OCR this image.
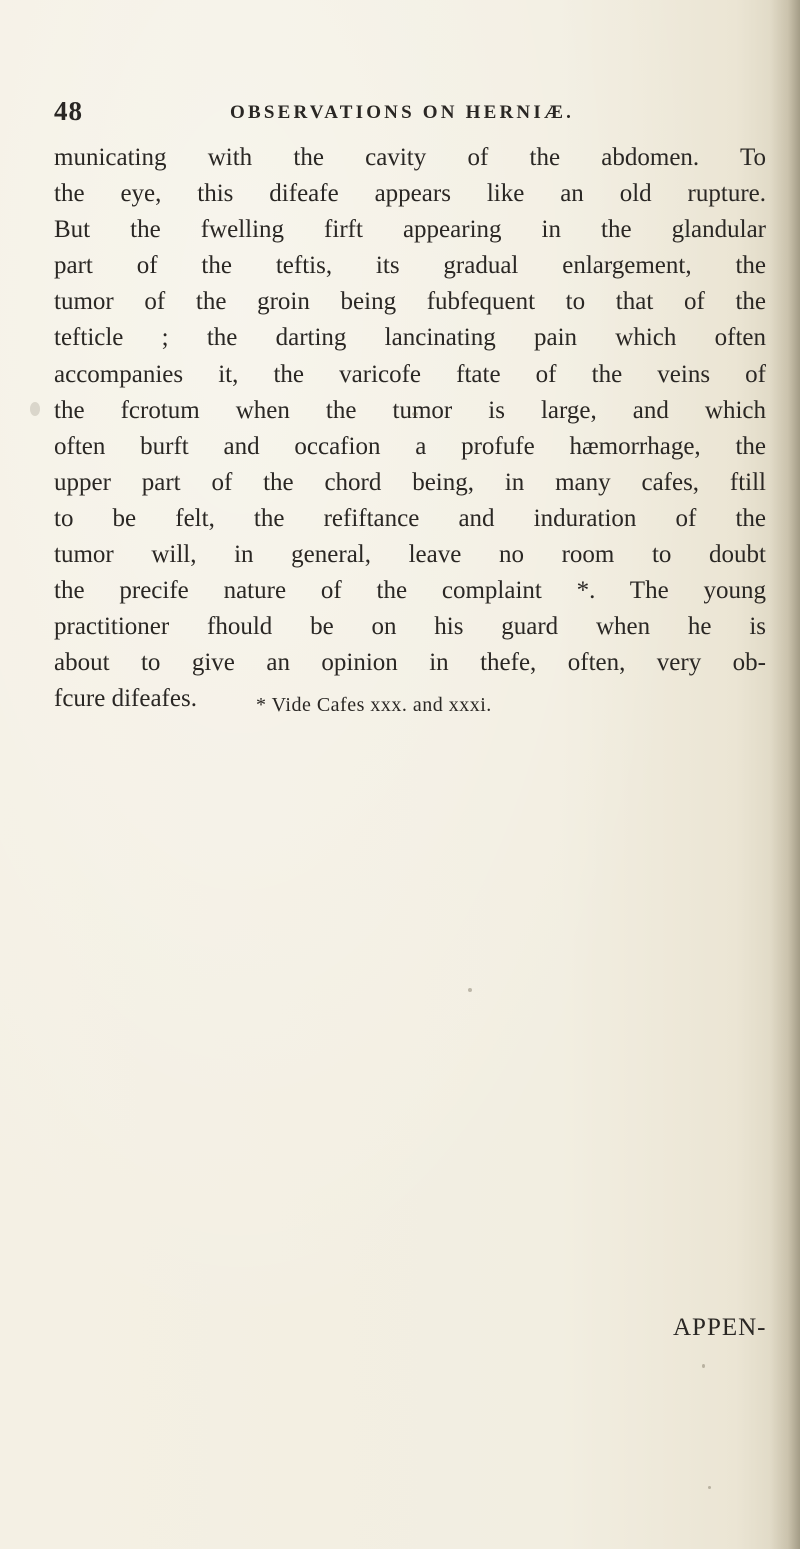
48	OBSERVATIONS ON HERNIÆ.
municating with the cavity of the abdomen. To
the eye, this difeafe appears like an old rupture.
But the fwelling firft appearing in the glandular
part of the teftis, its gradual enlargement, the
tumor of the groin being fubfequent to that of the
tefticle ; the darting lancinating pain which often
accompanies it, the varicofe ftate of the veins of
the fcrotum when the tumor is large, and which
often burft and occafion a profufe hæmorrhage, the
upper part of the chord being, in many cafes, ftill
to be felt, the refiftance and induration of the
tumor will, in general, leave no room to doubt
the precife nature of the complaint *. The young
practitioner fhould be on his guard when he is
about to give an opinion in thefe, often, very ob-
fcure difeafes.	* Vide Cafes xxx. and xxxi.
APPEN-
